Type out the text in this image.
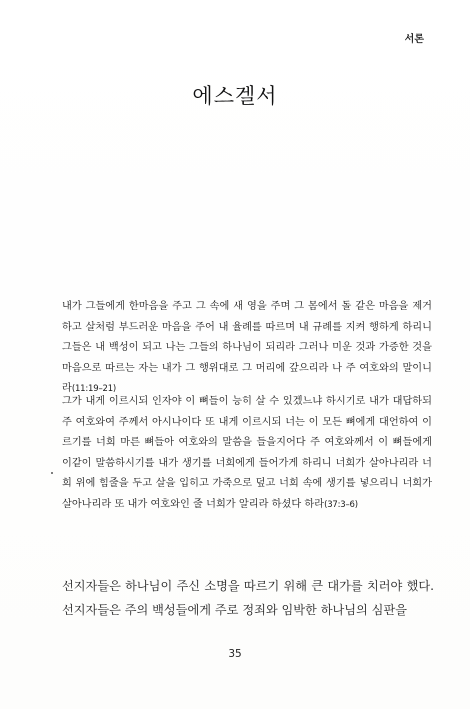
서론
에스겔서

내가 그들에게 한마음을 주고 그 속에 새 영을 주며 그 몸에서 돌 같은 마음을 제거하고 살처럼 부드러운 마음을 주어 내 율례를 따르며 내 규례를 지켜 행하게 하리니 그들은 내 백성이 되고 나는 그들의 하나님이 되리라 그러나 미운 것과 가증한 것을 마음으로 따르는 자는 내가 그 행위대로 그 머리에 갚으리라 나 주 여호와의 말이니라(11:19–21)

그가 내게 이르시되 인자야 이 뼈들이 능히 살 수 있겠느냐 하시기로 내가 대답하되 주 여호와여 주께서 아시나이다 또 내게 이르시되 너는 이 모든 뼈에게 대언하여 이르기를 너희 마른 뼈들아 여호와의 말씀을 들을지어다 주 여호와께서 이 뼈들에게 이같이 말씀하시기를 내가 생기를 너희에게 들어가게 하리니 너희가 살아나리라 너희 위에 힘줄을 두고 살을 입히고 가죽으로 덮고 너희 속에 생기를 넣으리니 너희가 살아나리라 또 내가 여호와인 줄 너희가 알리라 하셨다 하라(37:3–6)

선지자들은 하나님이 주신 소명을 따르기 위해 큰 대가를 치러야 했다. 선지자들은 주의 백성들에게 주로 정죄와 임박한 하나님의 심판을

35
